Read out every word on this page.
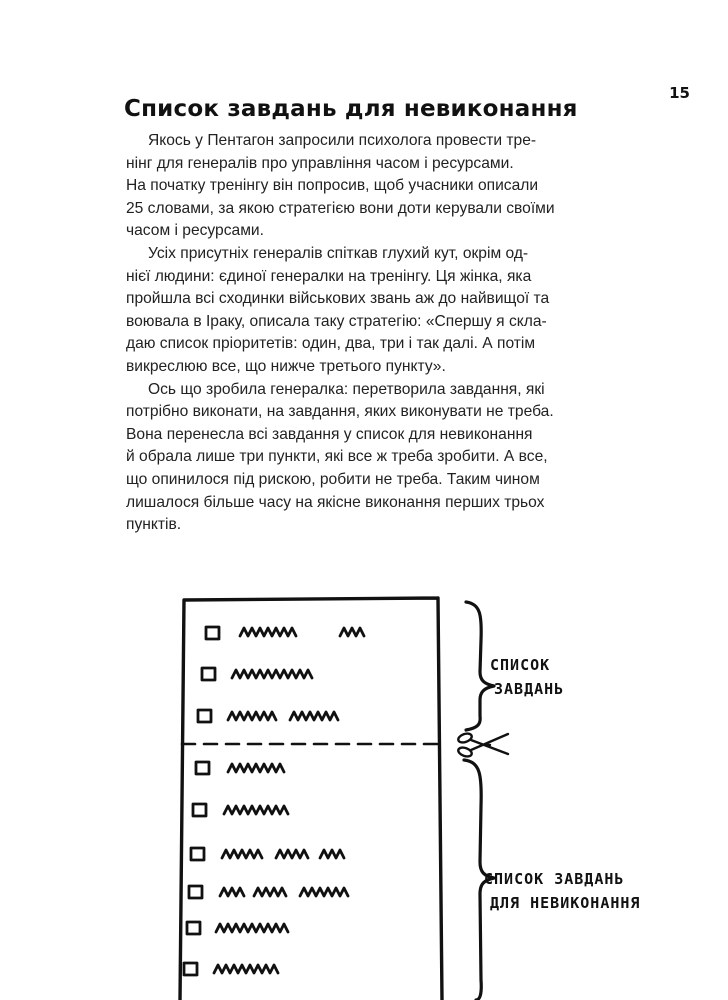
15
Список завдань для невиконання
Якось у Пентагон запросили психолога провести тре-
нінг для генералів про управління часом і ресурсами.
На початку тренінгу він попросив, щоб учасники описали
25 словами, за якою стратегією вони доти керували своїми
часом і ресурсами.
Усіх присутніх генералів спіткав глухий кут, окрім од-
нієї людини: єдиної генералки на тренінгу. Ця жінка, яка
пройшла всі сходинки військових звань аж до найвищої та
воювала в Іраку, описала таку стратегію: «Спершу я скла-
даю список пріоритетів: один, два, три і так далі. А потім
викреслюю все, що нижче третього пункту».
Ось що зробила генералка: перетворила завдання, які
потрібно виконати, на завдання, яких виконувати не треба.
Вона перенесла всі завдання у список для невиконання
й обрала лише три пункти, які все ж треба зробити. А все,
що опинилося під рискою, робити не треба. Таким чином
лишалося більше часу на якісне виконання перших трьох
пунктів.
СПИСОК
ЗАВДАНЬ
СПИСОК ЗАВДАНЬ
ДЛЯ НЕВИКОНАННЯ
